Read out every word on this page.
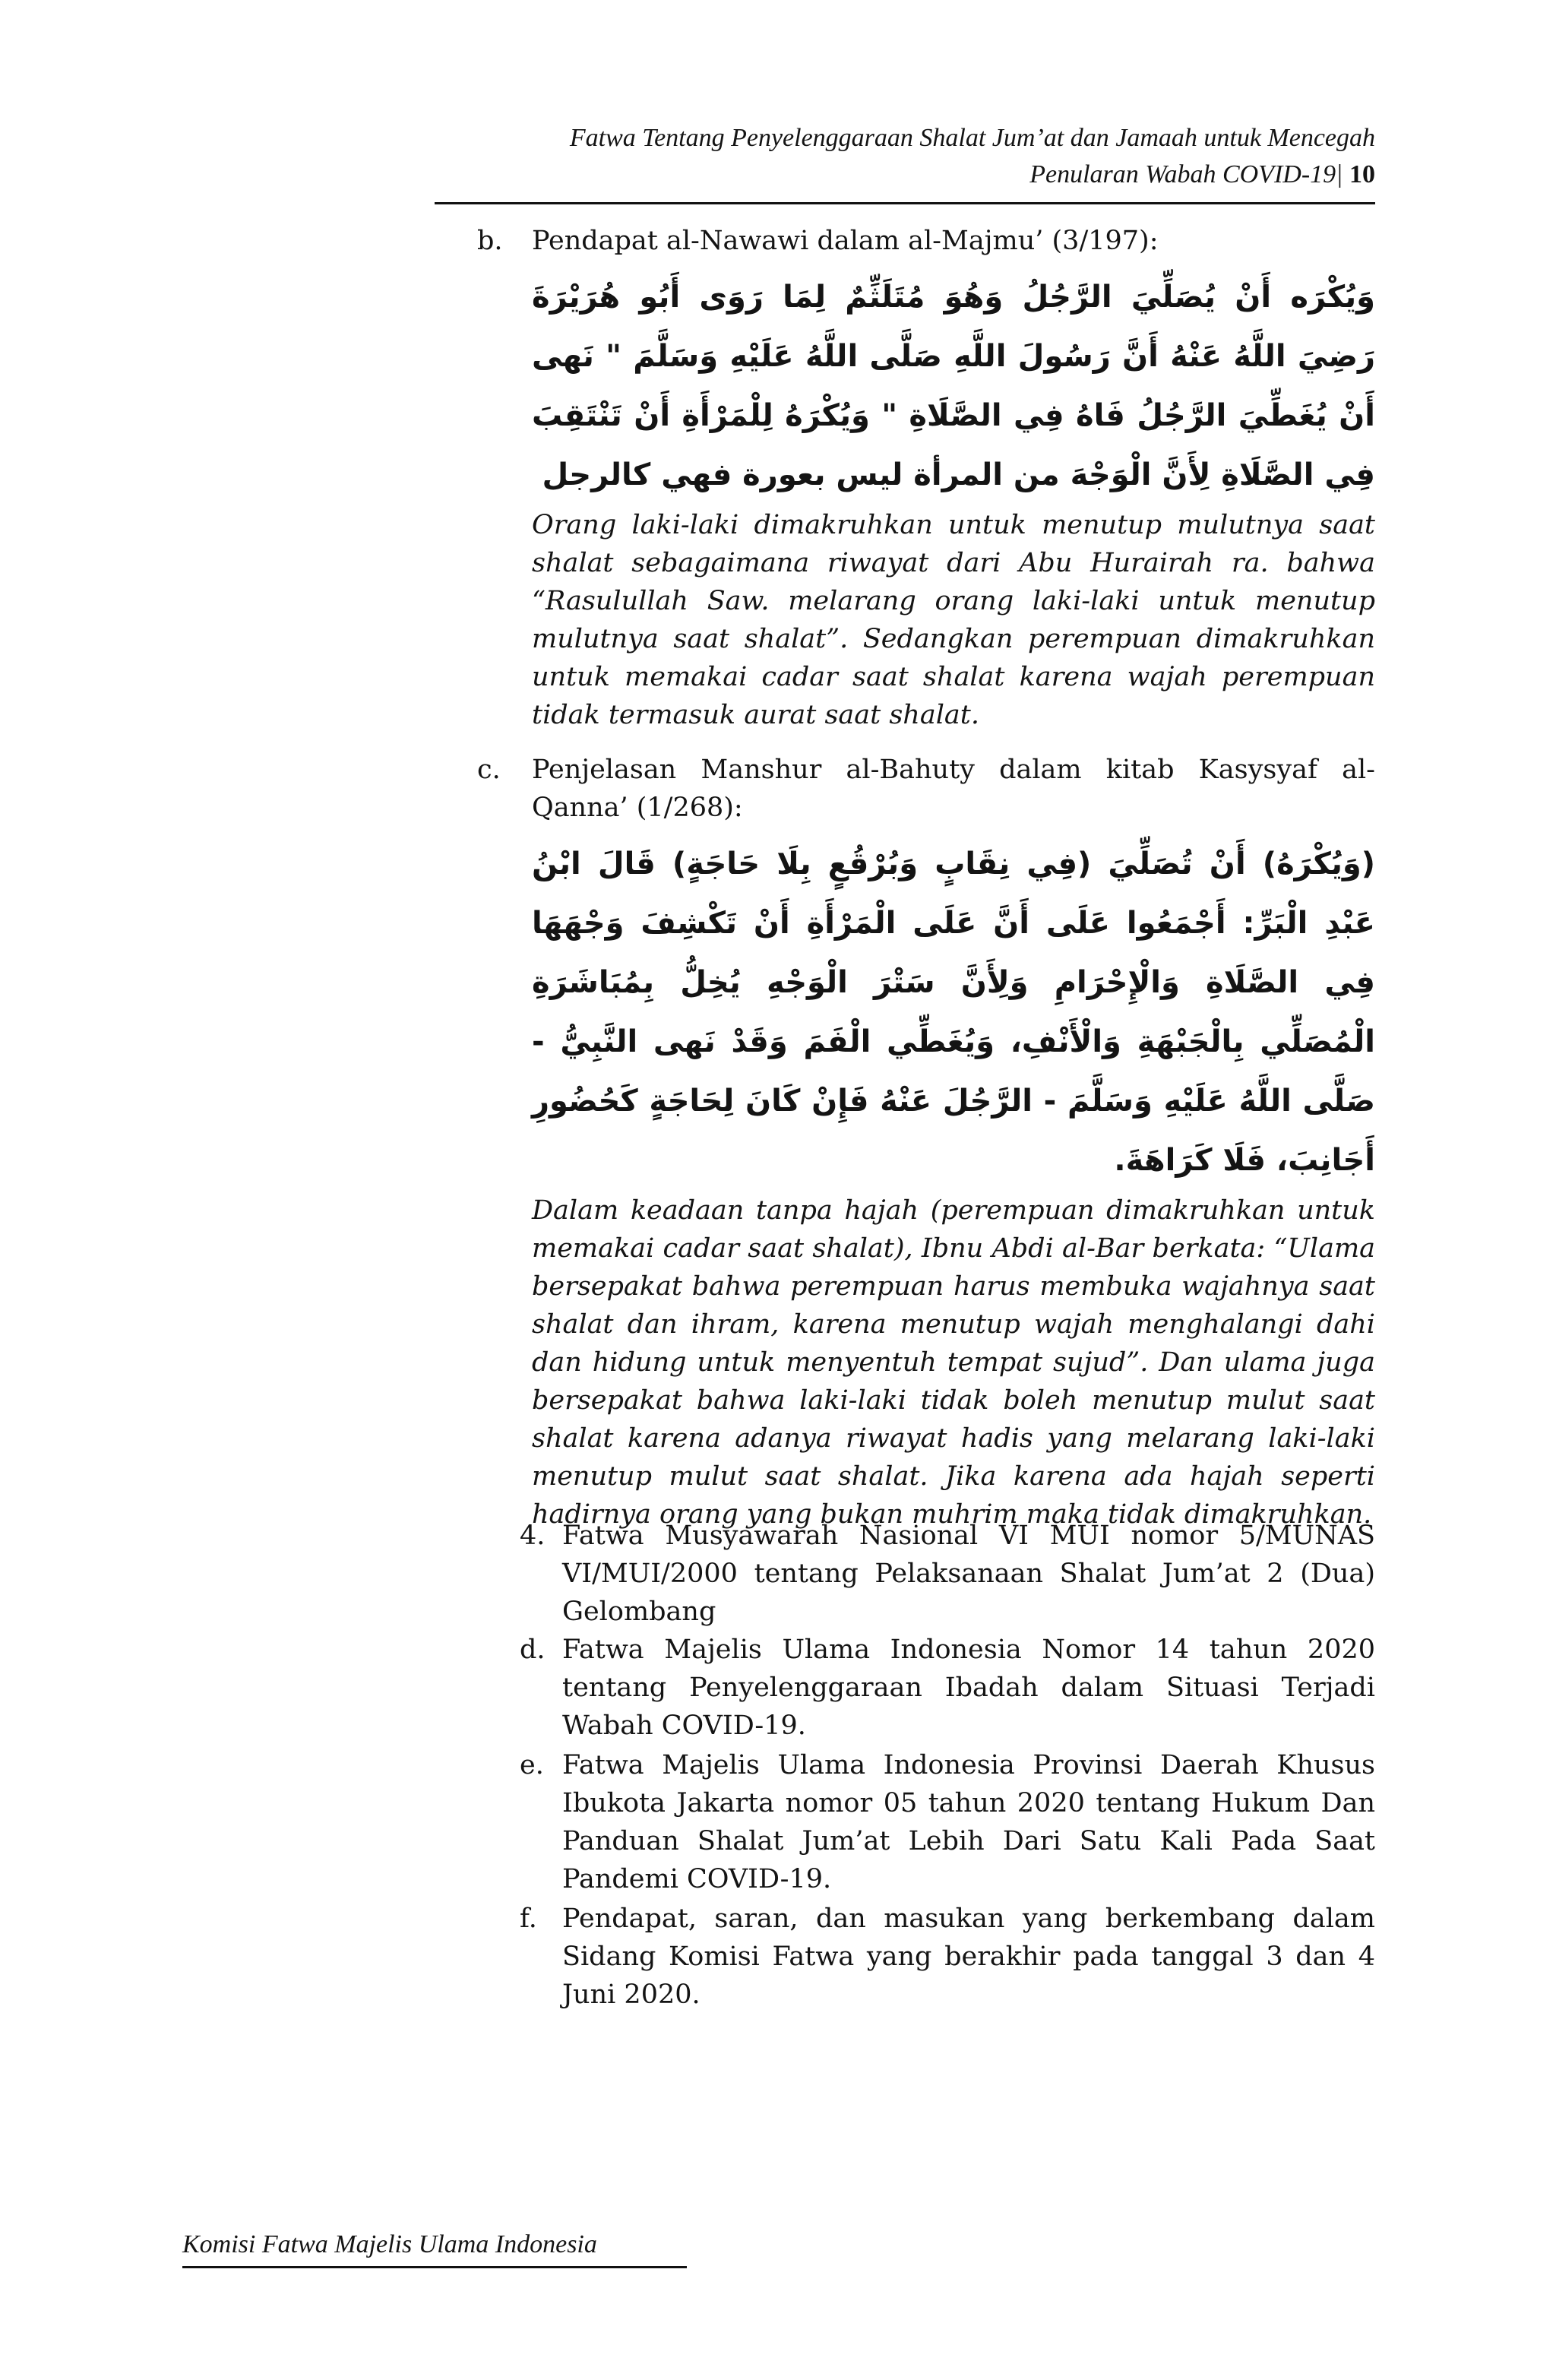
Fatwa Tentang Penyelenggaraan Shalat Jum’at dan Jamaah untuk Mencegah
Penularan Wabah COVID-19| 10
b. Pendapat al-Nawawi dalam al-Majmu’ (3/197):
وَيُكْرَه أَنْ يُصَلِّيَ الرَّجُلُ وَهُوَ مُتَلَثِّمٌ لِمَا رَوَى أَبُو هُرَيْرَةَ رَضِيَ اللَّهُ عَنْهُ أَنَّ رَسُولَ اللَّهِ صَلَّى اللَّهُ عَلَيْهِ وَسَلَّمَ " نَهى أَنْ يُغَطِّيَ الرَّجُلُ فَاهُ فِي الصَّلَاةِ " وَيُكْرَهُ لِلْمَرْأَةِ أَنْ تَنْتَقِبَ فِي الصَّلَاةِ لِأَنَّ الْوَجْهَ من المرأة ليس بعورة فهي كالرجل
Orang laki-laki dimakruhkan untuk menutup mulutnya saat shalat sebagaimana riwayat dari Abu Hurairah ra. bahwa “Rasulullah Saw. melarang orang laki-laki untuk menutup mulutnya saat shalat”. Sedangkan perempuan dimakruhkan untuk memakai cadar saat shalat karena wajah perempuan tidak termasuk aurat saat shalat.
c. Penjelasan Manshur al-Bahuty dalam kitab Kasysyaf al-Qanna’ (1/268):
(وَيُكْرَهُ) أَنْ تُصَلِّيَ (فِي نِقَابٍ وَبُرْقُعٍ بِلَا حَاجَةٍ) قَالَ ابْنُ عَبْدِ الْبَرِّ: أَجْمَعُوا عَلَى أَنَّ عَلَى الْمَرْأَةِ أَنْ تَكْشِفَ وَجْهَهَا فِي الصَّلَاةِ وَالْإِحْرَامِ وَلِأَنَّ سَتْرَ الْوَجْهِ يُخِلُّ بِمُبَاشَرَةِ الْمُصَلِّي بِالْجَبْهَةِ وَالْأَنْفِ، وَيُغَطِّي الْفَمَ وَقَدْ نَهى النَّبِيُّ - صَلَّى اللَّهُ عَلَيْهِ وَسَلَّمَ - الرَّجُلَ عَنْهُ فَإِنْ كَانَ لِحَاجَةٍ كَحُضُورِ أَجَانِبَ، فَلَا كَرَاهَةَ.
Dalam keadaan tanpa hajah (perempuan dimakruhkan untuk memakai cadar saat shalat), Ibnu Abdi al-Bar berkata: “Ulama bersepakat bahwa perempuan harus membuka wajahnya saat shalat dan ihram, karena menutup wajah menghalangi dahi dan hidung untuk menyentuh tempat sujud”. Dan ulama juga bersepakat bahwa laki-laki tidak boleh menutup mulut saat shalat karena adanya riwayat hadis yang melarang laki-laki menutup mulut saat shalat. Jika karena ada hajah seperti hadirnya orang yang bukan muhrim maka tidak dimakruhkan.
4. Fatwa Musyawarah Nasional VI MUI nomor 5/MUNAS VI/MUI/2000 tentang Pelaksanaan Shalat Jum’at 2 (Dua) Gelombang
d. Fatwa Majelis Ulama Indonesia Nomor 14 tahun 2020 tentang Penyelenggaraan Ibadah dalam Situasi Terjadi Wabah COVID-19.
e. Fatwa Majelis Ulama Indonesia Provinsi Daerah Khusus Ibukota Jakarta nomor 05 tahun 2020 tentang Hukum Dan Panduan Shalat Jum’at Lebih Dari Satu Kali Pada Saat Pandemi COVID-19.
f. Pendapat, saran, dan masukan yang berkembang dalam Sidang Komisi Fatwa yang berakhir pada tanggal 3 dan 4 Juni 2020.
Komisi Fatwa Majelis Ulama Indonesia
